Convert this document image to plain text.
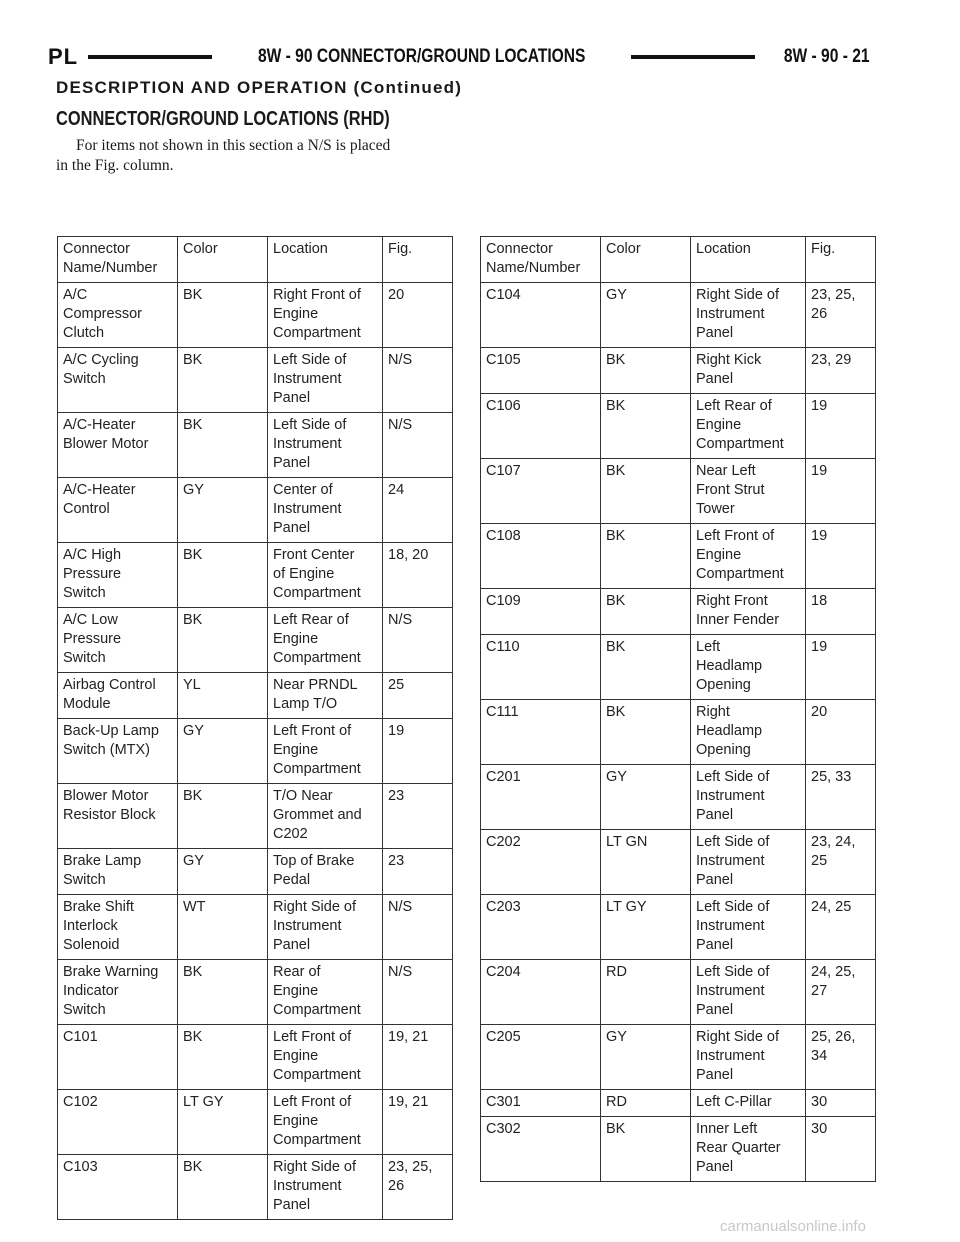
PL	8W - 90 CONNECTOR/GROUND LOCATIONS	8W - 90 - 21
DESCRIPTION AND OPERATION (Continued)
CONNECTOR/GROUND LOCATIONS (RHD)
For items not shown in this section a N/S is placed
in the Fig. column.
Connector
Name/Number	Color	Location	Fig.
A/C
Compressor
Clutch	BK	Right Front of
Engine
Compartment	20
A/C Cycling
Switch	BK	Left Side of
Instrument
Panel	N/S
A/C-Heater
Blower Motor	BK	Left Side of
Instrument
Panel	N/S
A/C-Heater
Control	GY	Center of
Instrument
Panel	24
A/C High
Pressure
Switch	BK	Front Center
of Engine
Compartment	18, 20
A/C Low
Pressure
Switch	BK	Left Rear of
Engine
Compartment	N/S
Airbag Control
Module	YL	Near PRNDL
Lamp T/O	25
Back-Up Lamp
Switch (MTX)	GY	Left Front of
Engine
Compartment	19
Blower Motor
Resistor Block	BK	T/O Near
Grommet and
C202	23
Brake Lamp
Switch	GY	Top of Brake
Pedal	23
Brake Shift
Interlock
Solenoid	WT	Right Side of
Instrument
Panel	N/S
Brake Warning
Indicator
Switch	BK	Rear of
Engine
Compartment	N/S
C101	BK	Left Front of
Engine
Compartment	19, 21
C102	LT GY	Left Front of
Engine
Compartment	19, 21
C103	BK	Right Side of
Instrument
Panel	23, 25,
26
Connector
Name/Number	Color	Location	Fig.
C104	GY	Right Side of
Instrument
Panel	23, 25,
26
C105	BK	Right Kick
Panel	23, 29
C106	BK	Left Rear of
Engine
Compartment	19
C107	BK	Near Left
Front Strut
Tower	19
C108	BK	Left Front of
Engine
Compartment	19
C109	BK	Right Front
Inner Fender	18
C110	BK	Left
Headlamp
Opening	19
C111	BK	Right
Headlamp
Opening	20
C201	GY	Left Side of
Instrument
Panel	25, 33
C202	LT GN	Left Side of
Instrument
Panel	23, 24,
25
C203	LT GY	Left Side of
Instrument
Panel	24, 25
C204	RD	Left Side of
Instrument
Panel	24, 25,
27
C205	GY	Right Side of
Instrument
Panel	25, 26,
34
C301	RD	Left C-Pillar	30
C302	BK	Inner Left
Rear Quarter
Panel	30
carmanualsonline.info
